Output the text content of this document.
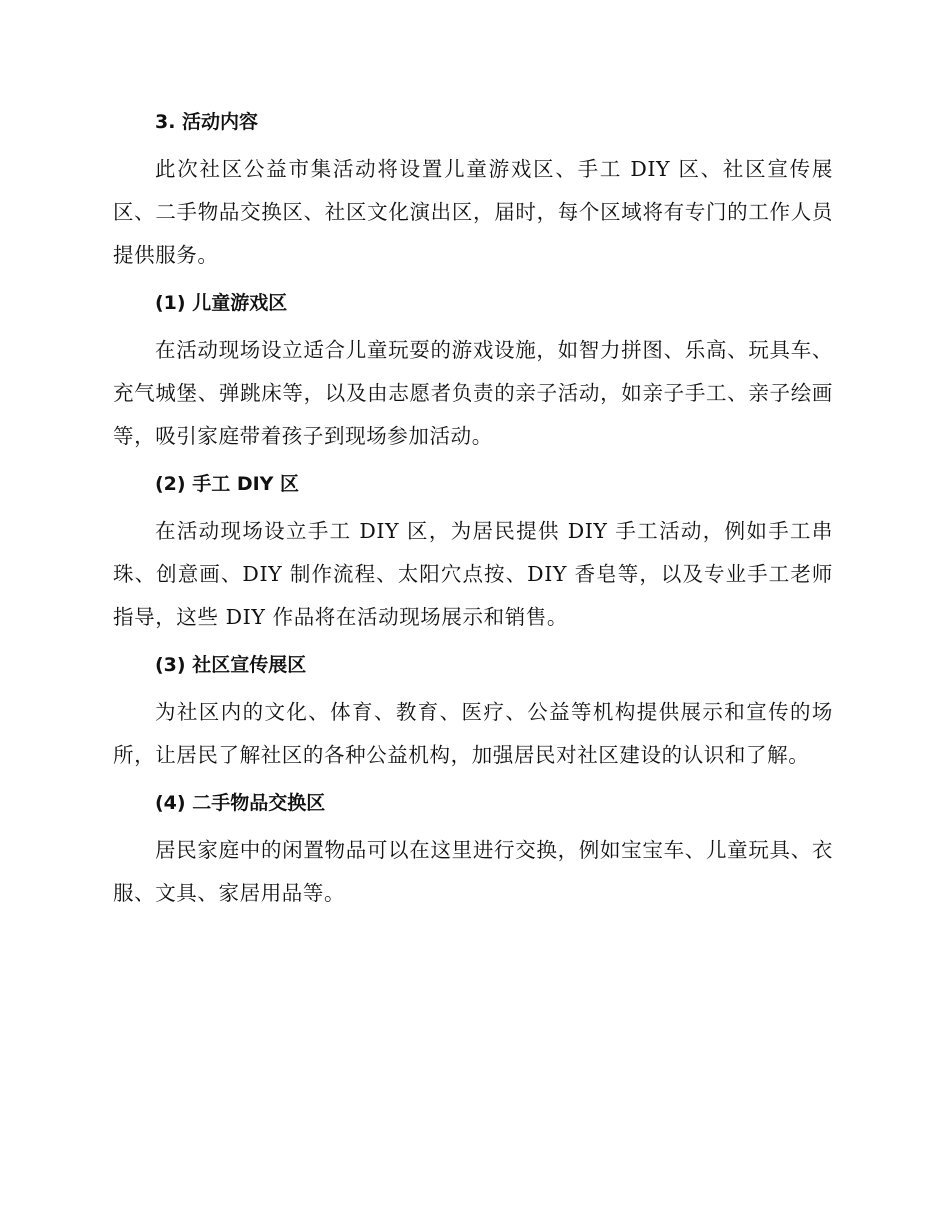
3. 活动内容

此次社区公益市集活动将设置儿童游戏区、手工 DIY 区、社区宣传展区、二手物品交换区、社区文化演出区，届时，每个区域将有专门的工作人员提供服务。

(1) 儿童游戏区

在活动现场设立适合儿童玩耍的游戏设施，如智力拼图、乐高、玩具车、充气城堡、弹跳床等，以及由志愿者负责的亲子活动，如亲子手工、亲子绘画等，吸引家庭带着孩子到现场参加活动。

(2) 手工 DIY 区

在活动现场设立手工 DIY 区，为居民提供 DIY 手工活动，例如手工串珠、创意画、DIY 制作流程、太阳穴点按、DIY 香皂等，以及专业手工老师指导，这些 DIY 作品将在活动现场展示和销售。

(3) 社区宣传展区

为社区内的文化、体育、教育、医疗、公益等机构提供展示和宣传的场所，让居民了解社区的各种公益机构，加强居民对社区建设的认识和了解。

(4) 二手物品交换区

居民家庭中的闲置物品可以在这里进行交换，例如宝宝车、儿童玩具、衣服、文具、家居用品等。
